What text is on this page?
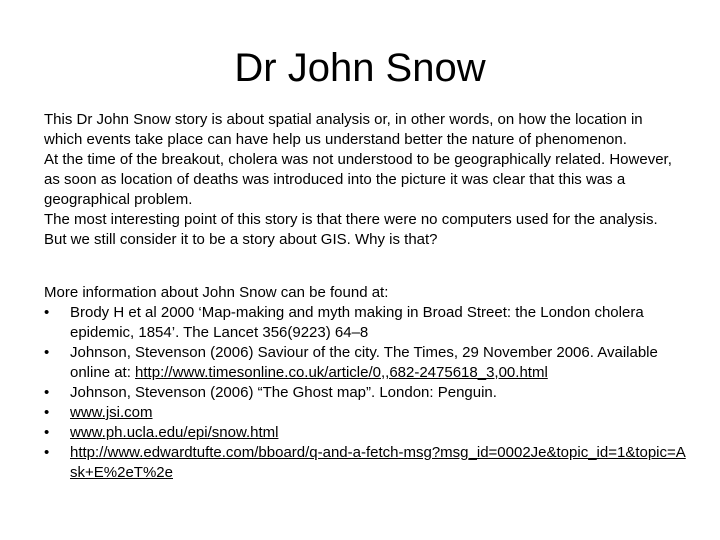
Dr John Snow

This Dr John Snow story is about spatial analysis or, in other words, on how the location in which events take place can have help us understand better the nature of phenomenon.

At the time of the breakout, cholera was not understood to be geographically related. However, as soon as location of deaths was introduced into the picture it was clear that this was a geographical problem.

The most interesting point of this story is that there were no computers used for the analysis. But we still consider it to be a story about GIS. Why is that?

More information about John Snow can be found at:

•	Brody H et al 2000 ‘Map-making and myth making in Broad Street: the London cholera epidemic, 1854’. The Lancet 356(9223) 64–8
•	Johnson, Stevenson (2006) Saviour of the city. The Times, 29 November 2006. Available online at: http://www.timesonline.co.uk/article/0,,682-2475618_3,00.html
•	Johnson, Stevenson (2006) “The Ghost map”. London: Penguin.
•	www.jsi.com
•	www.ph.ucla.edu/epi/snow.html
•	http://www.edwardtufte.com/bboard/q-and-a-fetch-msg?msg_id=0002Je&topic_id=1&topic=Ask+E%2eT%2e
